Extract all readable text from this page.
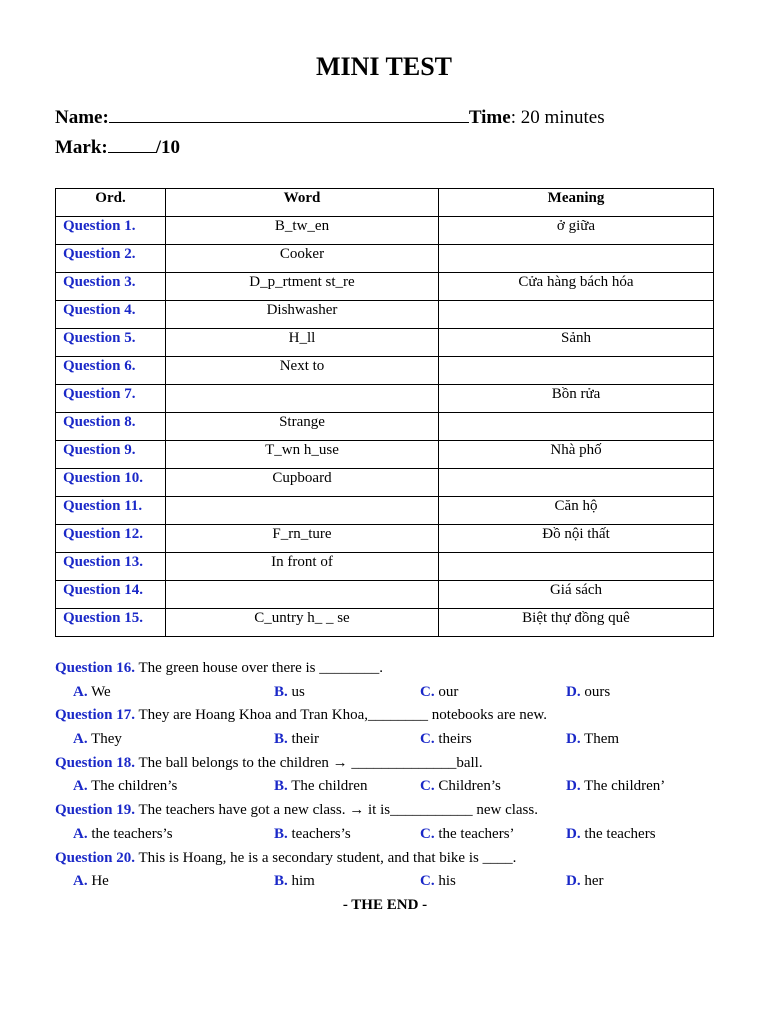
MINI TEST
Name:	Time: 20 minutes
Mark:	/10
Ord.	Word	Meaning
Question 1.	B_tw_en	ở giữa
Question 2.	Cooker	
Question 3.	D_p_rtment st_re	Cửa hàng bách hóa
Question 4.	Dishwasher	
Question 5.	H_ll	Sảnh
Question 6.	Next to	
Question 7.		Bồn rửa
Question 8.	Strange	
Question 9.	T_wn h_use	Nhà phố
Question 10.	Cupboard	
Question 11.		Căn hộ
Question 12.	F_rn_ture	Đồ nội thất
Question 13.	In front of	
Question 14.		Giá sách
Question 15.	C_untry h_ _ se	Biệt thự đồng quê
Question 16. The green house over there is ________.
A. We	B. us	C. our	D. ours
Question 17. They are Hoang Khoa and Tran Khoa,________ notebooks are new.
A. They	B. their	C. theirs	D. Them
Question 18. The ball belongs to the children → ______________ball.
A. The children’s	B. The children	C. Children’s	D. The children’
Question 19. The teachers have got a new class. → it is___________ new class.
A. the teachers’s	B. teachers’s	C. the teachers’	D. the teachers
Question 20. This is Hoang, he is a secondary student, and that bike is ____.
A. He	B. him	C. his	D. her
- THE END -
